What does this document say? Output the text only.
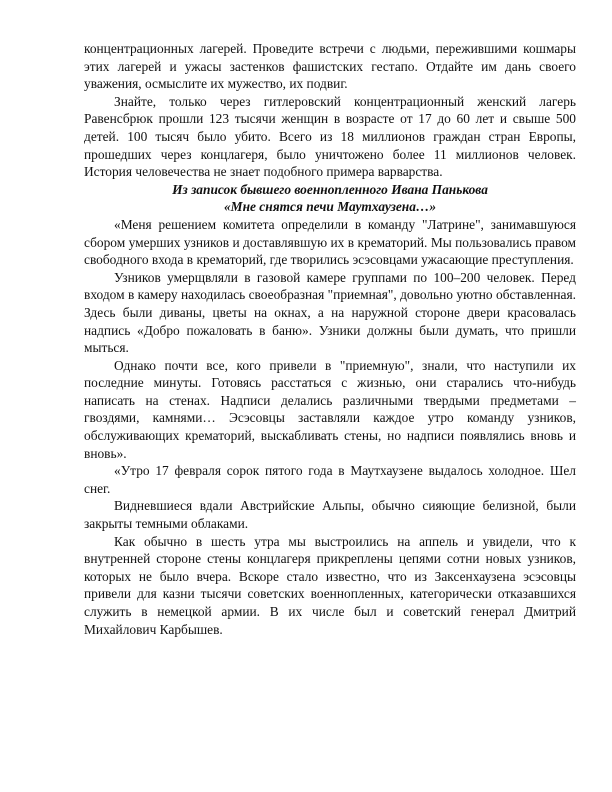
концентрационных лагерей. Проведите встречи с людьми, пережившими кошмары этих лагерей и ужасы застенков фашистских гестапо. Отдайте им дань своего уважения, осмыслите их мужество, их подвиг.

Знайте, только через гитлеровский концентрационный женский лагерь Равенсбрюк прошли 123 тысячи женщин в возрасте от 17 до 60 лет и свыше 500 детей. 100 тысяч было убито. Всего из 18 миллионов граждан стран Европы, прошедших через концлагеря, было уничтожено более 11 миллионов человек. История человечества не знает подобного примера варварства.

Из записок бывшего военнопленного Ивана Панькова

«Мне снятся печи Маутхаузена…»

«Меня решением комитета определили в команду "Латрине", занимавшуюся сбором умерших узников и доставлявшую их в крематорий. Мы пользовались правом свободного входа в крематорий, где творились эсэсовцами ужасающие преступления.

Узников умерщвляли в газовой камере группами по 100–200 человек. Перед входом в камеру находилась своеобразная "приемная", довольно уютно обставленная. Здесь были диваны, цветы на окнах, а на наружной стороне двери красовалась надпись «Добро пожаловать в баню». Узники должны были думать, что пришли мыться.

Однако почти все, кого привели в "приемную", знали, что наступили их последние минуты. Готовясь расстаться с жизнью, они старались что-нибудь написать на стенах. Надписи делались различными твердыми предметами – гвоздями, камнями… Эсэсовцы заставляли каждое утро команду узников, обслуживающих крематорий, выскабливать стены, но надписи появлялись вновь и вновь».

«Утро 17 февраля сорок пятого года в Маутхаузене выдалось холодное. Шел снег.

Видневшиеся вдали Австрийские Альпы, обычно сияющие белизной, были закрыты темными облаками.

Как обычно в шесть утра мы выстроились на аппель и увидели, что к внутренней стороне стены концлагеря прикреплены цепями сотни новых узников, которых не было вчера. Вскоре стало известно, что из Заксенхаузена эсэсовцы привели для казни тысячи советских военнопленных, категорически отказавшихся служить в немецкой армии. В их числе был и советский генерал Дмитрий Михайлович Карбышев.
